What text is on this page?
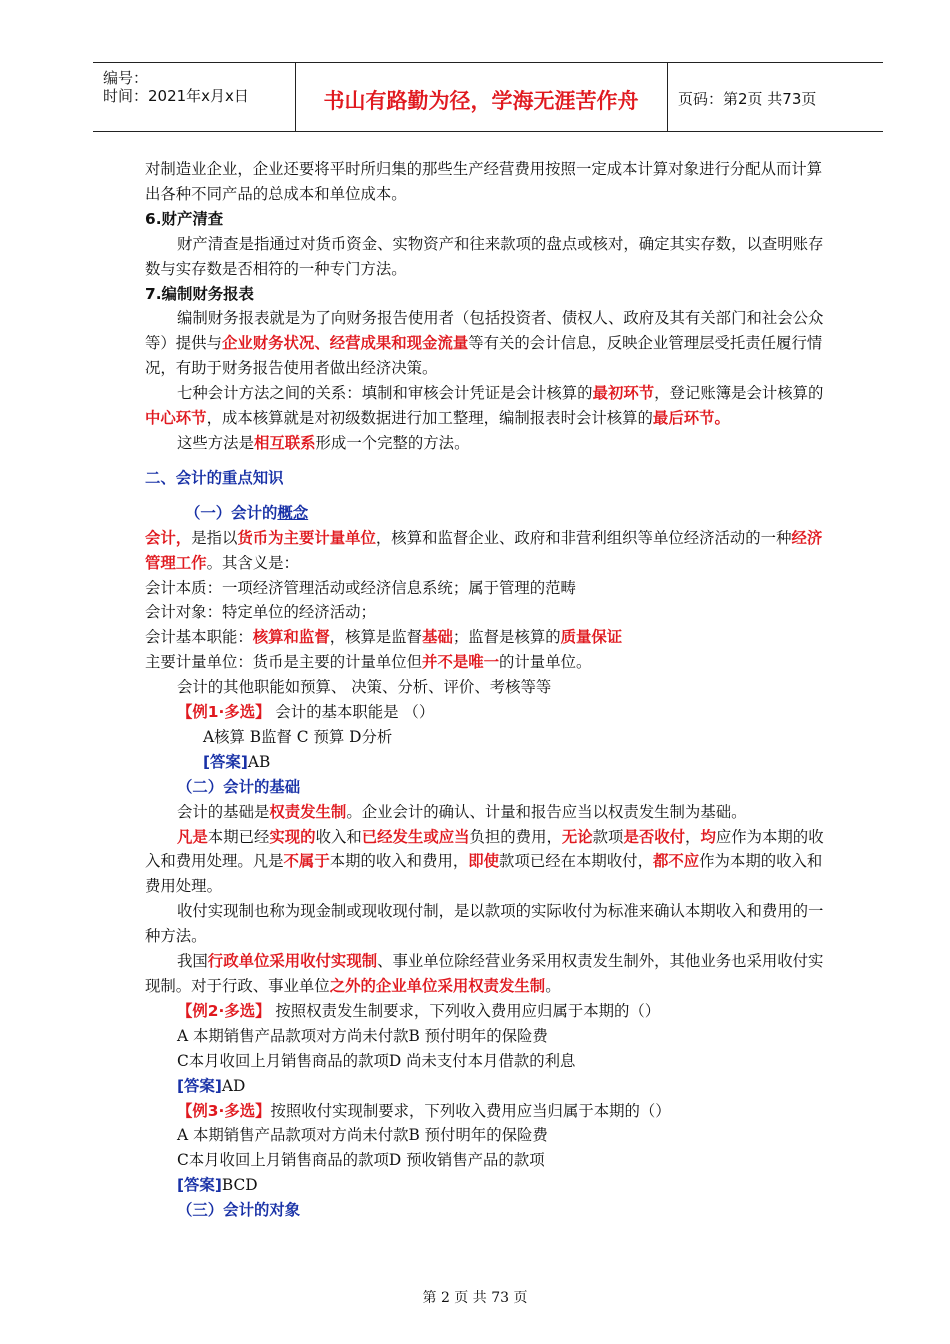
编号：
时间：2021年x月x日	书山有路勤为径，学海无涯苦作舟	页码：第2页 共73页

对制造业企业，企业还要将平时所归集的那些生产经营费用按照一定成本计算对象进行分配从而计算出各种不同产品的总成本和单位成本。

6.财产清查

财产清查是指通过对货币资金、实物资产和往来款项的盘点或核对，确定其实存数，以查明账存数与实存数是否相符的一种专门方法。

7.编制财务报表

编制财务报表就是为了向财务报告使用者（包括投资者、债权人、政府及其有关部门和社会公众等）提供与企业财务状况、经营成果和现金流量等有关的会计信息，反映企业管理层受托责任履行情况，有助于财务报告使用者做出经济决策。

七种会计方法之间的关系：填制和审核会计凭证是会计核算的最初环节，登记账簿是会计核算的中心环节，成本核算就是对初级数据进行加工整理，编制报表时会计核算的最后环节。

这些方法是相互联系形成一个完整的方法。

二、会计的重点知识

（一）会计的概念

会计，是指以货币为主要计量单位，核算和监督企业、政府和非营利组织等单位经济活动的一种经济管理工作。其含义是：

会计本质：一项经济管理活动或经济信息系统；属于管理的范畴

会计对象：特定单位的经济活动；

会计基本职能：核算和监督，核算是监督基础；监督是核算的质量保证

主要计量单位：货币是主要的计量单位但并不是唯一的计量单位。

会计的其他职能如预算、 决策、分析、评价、考核等等

【例1·多选】 会计的基本职能是 （）

A核算 B监督 C 预算 D分析

[答案]AB

（二）会计的基础

会计的基础是权责发生制。企业会计的确认、计量和报告应当以权责发生制为基础。

凡是本期已经实现的收入和已经发生或应当负担的费用，无论款项是否收付，均应作为本期的收入和费用处理。凡是不属于本期的收入和费用，即使款项已经在本期收付，都不应作为本期的收入和费用处理。

收付实现制也称为现金制或现收现付制，是以款项的实际收付为标准来确认本期收入和费用的一种方法。

我国行政单位采用收付实现制、事业单位除经营业务采用权责发生制外，其他业务也采用收付实现制。对于行政、事业单位之外的企业单位采用权责发生制。

【例2·多选】 按照权责发生制要求，下列收入费用应归属于本期的（）

A 本期销售产品款项对方尚未付款B 预付明年的保险费

C本月收回上月销售商品的款项D 尚未支付本月借款的利息

[答案]AD

【例3·多选】按照收付实现制要求，下列收入费用应当归属于本期的（）

A 本期销售产品款项对方尚未付款B 预付明年的保险费

C本月收回上月销售商品的款项D 预收销售产品的款项

[答案]BCD

（三）会计的对象

第 2 页 共 73 页
